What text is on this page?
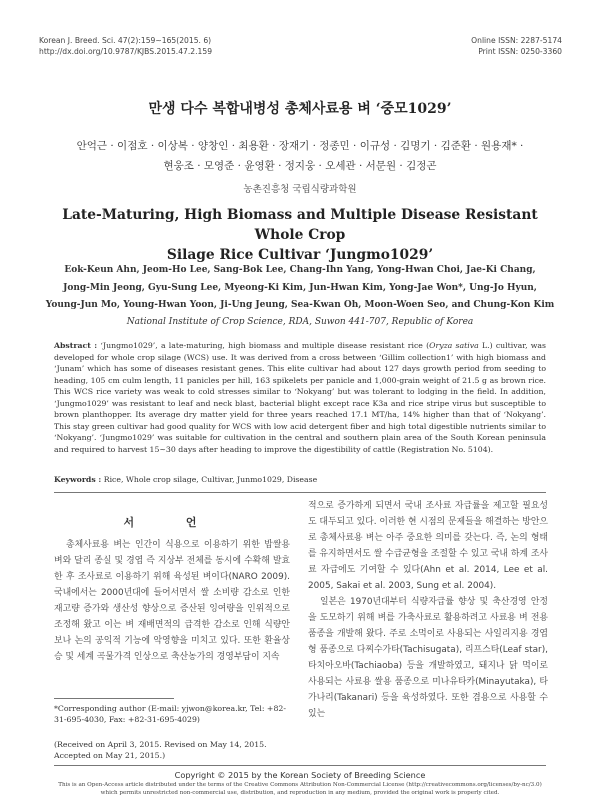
Korean J. Breed. Sci. 47(2):159~165(2015. 6)
http://dx.doi.org/10.9787/KJBS.2015.47.2.159
Online ISSN: 2287-5174
Print ISSN: 0250-3360
만생 다수 복합내병성 총체사료용 벼 ‘중모1029’
안억근 · 이점호 · 이상복 · 양창인 · 최용환 · 장재기 · 정종민 · 이규성 · 김명기 · 김준환 · 원용재* ·
현웅조 · 모영준 · 윤영환 · 정지웅 · 오세관 · 서문원 · 김정곤
농촌진흥청 국립식량과학원
Late-Maturing, High Biomass and Multiple Disease Resistant Whole Crop
Silage Rice Cultivar ‘Jungmo1029’
Eok-Keun Ahn, Jeom-Ho Lee, Sang-Bok Lee, Chang-Ihn Yang, Yong-Hwan Choi, Jae-Ki Chang,
Jong-Min Jeong, Gyu-Sung Lee, Myeong-Ki Kim, Jun-Hwan Kim, Yong-Jae Won*, Ung-Jo Hyun,
Young-Jun Mo, Young-Hwan Yoon, Ji-Ung Jeung, Sea-Kwan Oh, Moon-Woen Seo, and Chung-Kon Kim
National Institute of Crop Science, RDA, Suwon 441-707, Republic of Korea
Abstract : ‘Jungmo1029’, a late-maturing, high biomass and multiple disease resistant rice (Oryza sativa L.) cultivar, was developed for whole crop silage (WCS) use. It was derived from a cross between ‘Gillim collection1’ with high biomass and ‘Junam’ which has some of diseases resistant genes. This elite cultivar had about 127 days growth period from seeding to heading, 105 cm culm length, 11 panicles per hill, 163 spikelets per panicle and 1,000-grain weight of 21.5 g as brown rice. This WCS rice variety was weak to cold stresses similar to ‘Nokyang’ but was tolerant to lodging in the field. In addition, ‘Jungmo1029’ was resistant to leaf and neck blast, bacterial blight except race K3a and rice stripe virus but susceptible to brown planthopper. Its average dry matter yield for three years reached 17.1 MT/ha, 14% higher than that of ‘Nokyang’. This stay green cultivar had good quality for WCS with low acid detergent fiber and high total digestible nutrients similar to ‘Nokyang’. ‘Jungmo1029’ was suitable for cultivation in the central and southern plain area of the South Korean peninsula and required to harvest 15~30 days after heading to improve the digestibility of cattle (Registration No. 5104).
Keywords : Rice, Whole crop silage, Cultivar, Junmo1029, Disease
서 언

총체사료용 벼는 인간이 식용으로 이용하기 위한 밥쌀용 벼와 달리 종실 및 경엽 즉 지상부 전체를 동시에 수확해 발효한 후 조사료로 이용하기 위해 육성된 벼이다(NARO 2009). 국내에서는 2000년대에 들어서면서 쌀 소비량 감소로 인한 재고량 증가와 생산성 향상으로 증산된 잉여량을 인위적으로 조정해 왔고 이는 벼 재배면적의 급격한 감소로 인해 식량안보나 논의 공익적 기능에 악영향을 미치고 있다. 또한 환율상승 및 세계 곡물가격 인상으로 축산농가의 경영부담이 지속

*Corresponding author (E-mail: yjwon@korea.kr, Tel: +82-31-695-4030, Fax: +82-31-695-4029)
(Received on April 3, 2015. Revised on May 14, 2015.
Accepted on May 21, 2015.)

적으로 증가하게 되면서 국내 조사료 자급률을 제고할 필요성도 대두되고 있다. 이러한 현 시점의 문제들을 해결하는 방안으로 총체사료용 벼는 아주 중요한 의미를 갖는다. 즉, 논의 형태를 유지하면서도 쌀 수급균형을 조절할 수 있고 국내 하계 조사료 자급에도 기여할 수 있다(Ahn et al. 2014, Lee et al. 2005, Sakai et al. 2003, Sung et al. 2004).

일본은 1970년대부터 식량자급률 향상 및 축산경영 안정을 도모하기 위해 벼를 가축사료로 활용하려고 사료용 벼 전용품종을 개발해 왔다. 주로 소먹이로 사용되는 사일리지용 경엽형 품종으로 다찌수가타(Tachisugata), 리프스타(Leaf star), 타치아오바(Tachiaoba) 등을 개발하였고, 돼지나 닭 먹이로 사용되는 사료용 쌀용 품종으로 미나유타카(Minayutaka), 타가나리(Takanari) 등을 육성하였다. 또한 겸용으로 사용할 수 있는

Copyright © 2015 by the Korean Society of Breeding Science
This is an Open-Access article distributed under the terms of the Creative Commons Attribution Non-Commercial License (http://creativecommons.org/licenses/by-nc/3.0) which permits unrestricted non-commercial use, distribution, and reproduction in any medium, provided the original work is properly cited.
